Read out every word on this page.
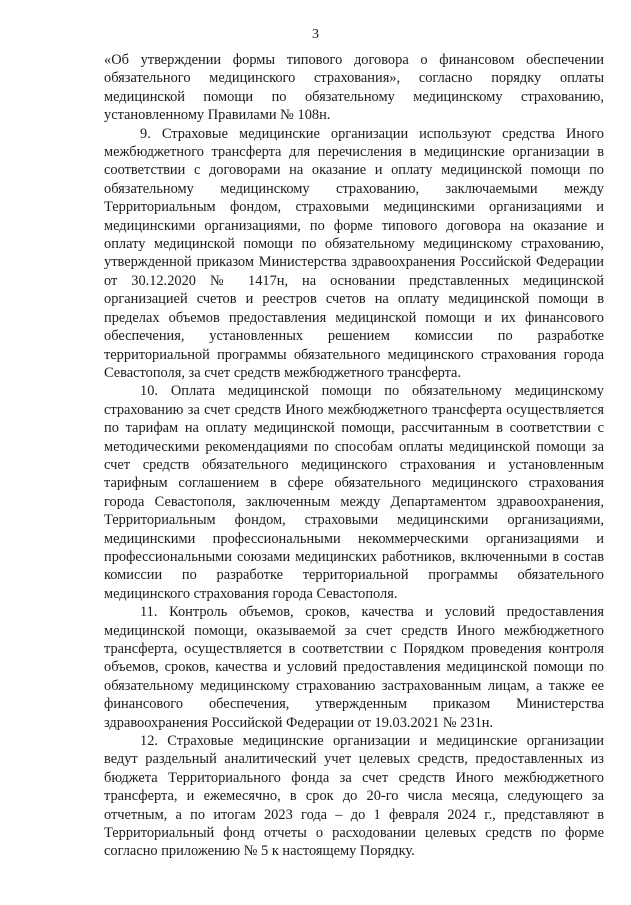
3

«Об утверждении формы типового договора о финансовом обеспечении обязательного медицинского страхования», согласно порядку оплаты медицинской помощи по обязательному медицинскому страхованию, установленному Правилами № 108н.

9. Страховые медицинские организации используют средства Иного межбюджетного трансферта для перечисления в медицинские организации в соответствии с договорами на оказание и оплату медицинской помощи по обязательному медицинскому страхованию, заключаемыми между Территориальным фондом, страховыми медицинскими организациями и медицинскими организациями, по форме типового договора на оказание и оплату медицинской помощи по обязательному медицинскому страхованию, утвержденной приказом Министерства здравоохранения Российской Федерации от 30.12.2020 № 1417н, на основании представленных медицинской организацией счетов и реестров счетов на оплату медицинской помощи в пределах объемов предоставления медицинской помощи и их финансового обеспечения, установленных решением комиссии по разработке территориальной программы обязательного медицинского страхования города Севастополя, за счет средств межбюджетного трансферта.

10. Оплата медицинской помощи по обязательному медицинскому страхованию за счет средств Иного межбюджетного трансферта осуществляется по тарифам на оплату медицинской помощи, рассчитанным в соответствии с методическими рекомендациями по способам оплаты медицинской помощи за счет средств обязательного медицинского страхования и установленным тарифным соглашением в сфере обязательного медицинского страхования города Севастополя, заключенным между Департаментом здравоохранения, Территориальным фондом, страховыми медицинскими организациями, медицинскими профессиональными некоммерческими организациями и профессиональными союзами медицинских работников, включенными в состав комиссии по разработке территориальной программы обязательного медицинского страхования города Севастополя.

11. Контроль объемов, сроков, качества и условий предоставления медицинской помощи, оказываемой за счет средств Иного межбюджетного трансферта, осуществляется в соответствии с Порядком проведения контроля объемов, сроков, качества и условий предоставления медицинской помощи по обязательному медицинскому страхованию застрахованным лицам, а также ее финансового обеспечения, утвержденным приказом Министерства здравоохранения Российской Федерации от 19.03.2021 № 231н.

12. Страховые медицинские организации и медицинские организации ведут раздельный аналитический учет целевых средств, предоставленных из бюджета Территориального фонда за счет средств Иного межбюджетного трансферта, и ежемесячно, в срок до 20-го числа месяца, следующего за отчетным, а по итогам 2023 года – до 1 февраля 2024 г., представляют в Территориальный фонд отчеты о расходовании целевых средств по форме согласно приложению № 5 к настоящему Порядку.
